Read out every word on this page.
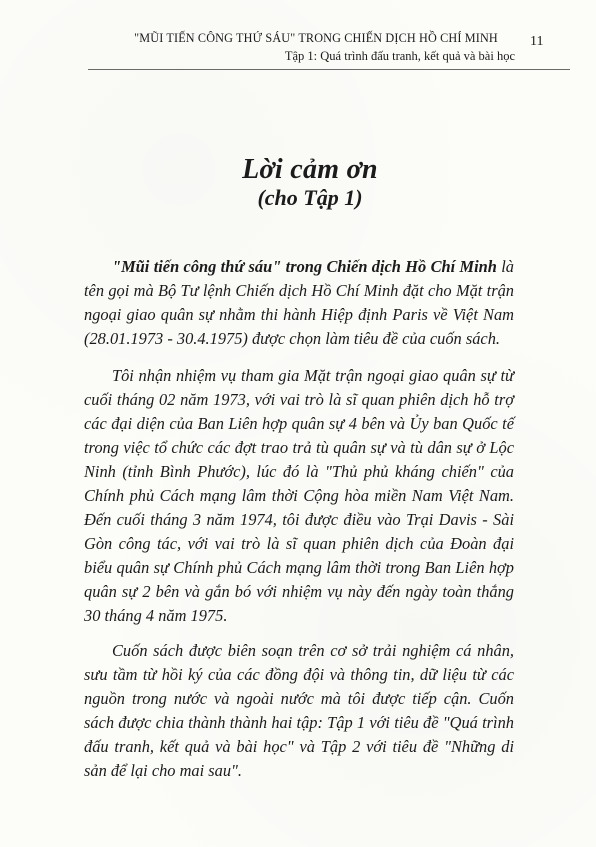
"MŨI TIẾN CÔNG THỨ SÁU" TRONG CHIẾN DỊCH HỒ CHÍ MINH
Tập 1: Quá trình đấu tranh, kết quả và bài học
11
Lời cảm ơn
(cho Tập 1)

"Mũi tiến công thứ sáu" trong Chiến dịch Hồ Chí Minh là tên gọi mà Bộ Tư lệnh Chiến dịch Hồ Chí Minh đặt cho Mặt trận ngoại giao quân sự nhằm thi hành Hiệp định Paris về Việt Nam (28.01.1973 - 30.4.1975) được chọn làm tiêu đề của cuốn sách.

Tôi nhận nhiệm vụ tham gia Mặt trận ngoại giao quân sự từ cuối tháng 02 năm 1973, với vai trò là sĩ quan phiên dịch hỗ trợ các đại diện của Ban Liên hợp quân sự 4 bên và Ủy ban Quốc tế trong việc tổ chức các đợt trao trả tù quân sự và tù dân sự ở Lộc Ninh (tỉnh Bình Phước), lúc đó là "Thủ phủ kháng chiến" của Chính phủ Cách mạng lâm thời Cộng hòa miền Nam Việt Nam. Đến cuối tháng 3 năm 1974, tôi được điều vào Trại Davis - Sài Gòn công tác, với vai trò là sĩ quan phiên dịch của Đoàn đại biểu quân sự Chính phủ Cách mạng lâm thời trong Ban Liên hợp quân sự 2 bên và gắn bó với nhiệm vụ này đến ngày toàn thắng 30 tháng 4 năm 1975.

Cuốn sách được biên soạn trên cơ sở trải nghiệm cá nhân, sưu tầm từ hồi ký của các đồng đội và thông tin, dữ liệu từ các nguồn trong nước và ngoài nước mà tôi được tiếp cận. Cuốn sách được chia thành thành hai tập: Tập 1 với tiêu đề "Quá trình đấu tranh, kết quả và bài học" và Tập 2 với tiêu đề "Những di sản để lại cho mai sau".
